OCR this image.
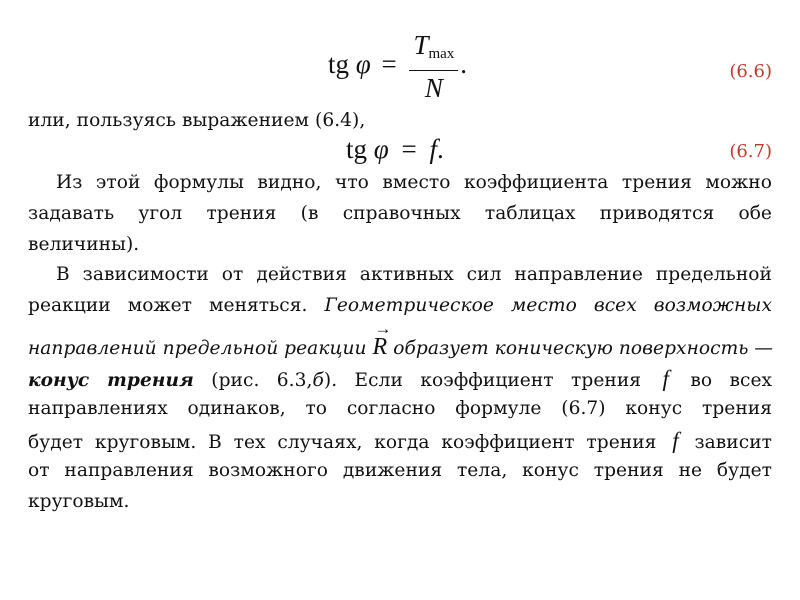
tg $\varphi = \frac{T_{max}}{N}$ .	(6.6)
или, пользуясь выражением (6.4),
tg φ = f.	(6.7)
Из этой формулы видно, что вместо коэффициента трения можно
задавать угол трения (в справочных таблицах приводятся обе
величины).
В зависимости от действия активных сил направление предельной
реакции может меняться. Геометрическое место всех возможных
направлений предельной реакции
→
R образует коническую поверхность —
конус трения (рис. 6.3,б). Если коэффициент трения f во всех
направлениях одинаков, то согласно формуле (6.7) конус трения
будет круговым. В тех случаях, когда коэффициент трения f зависит
от направления возможного движения тела, конус трения не будет
круговым.
